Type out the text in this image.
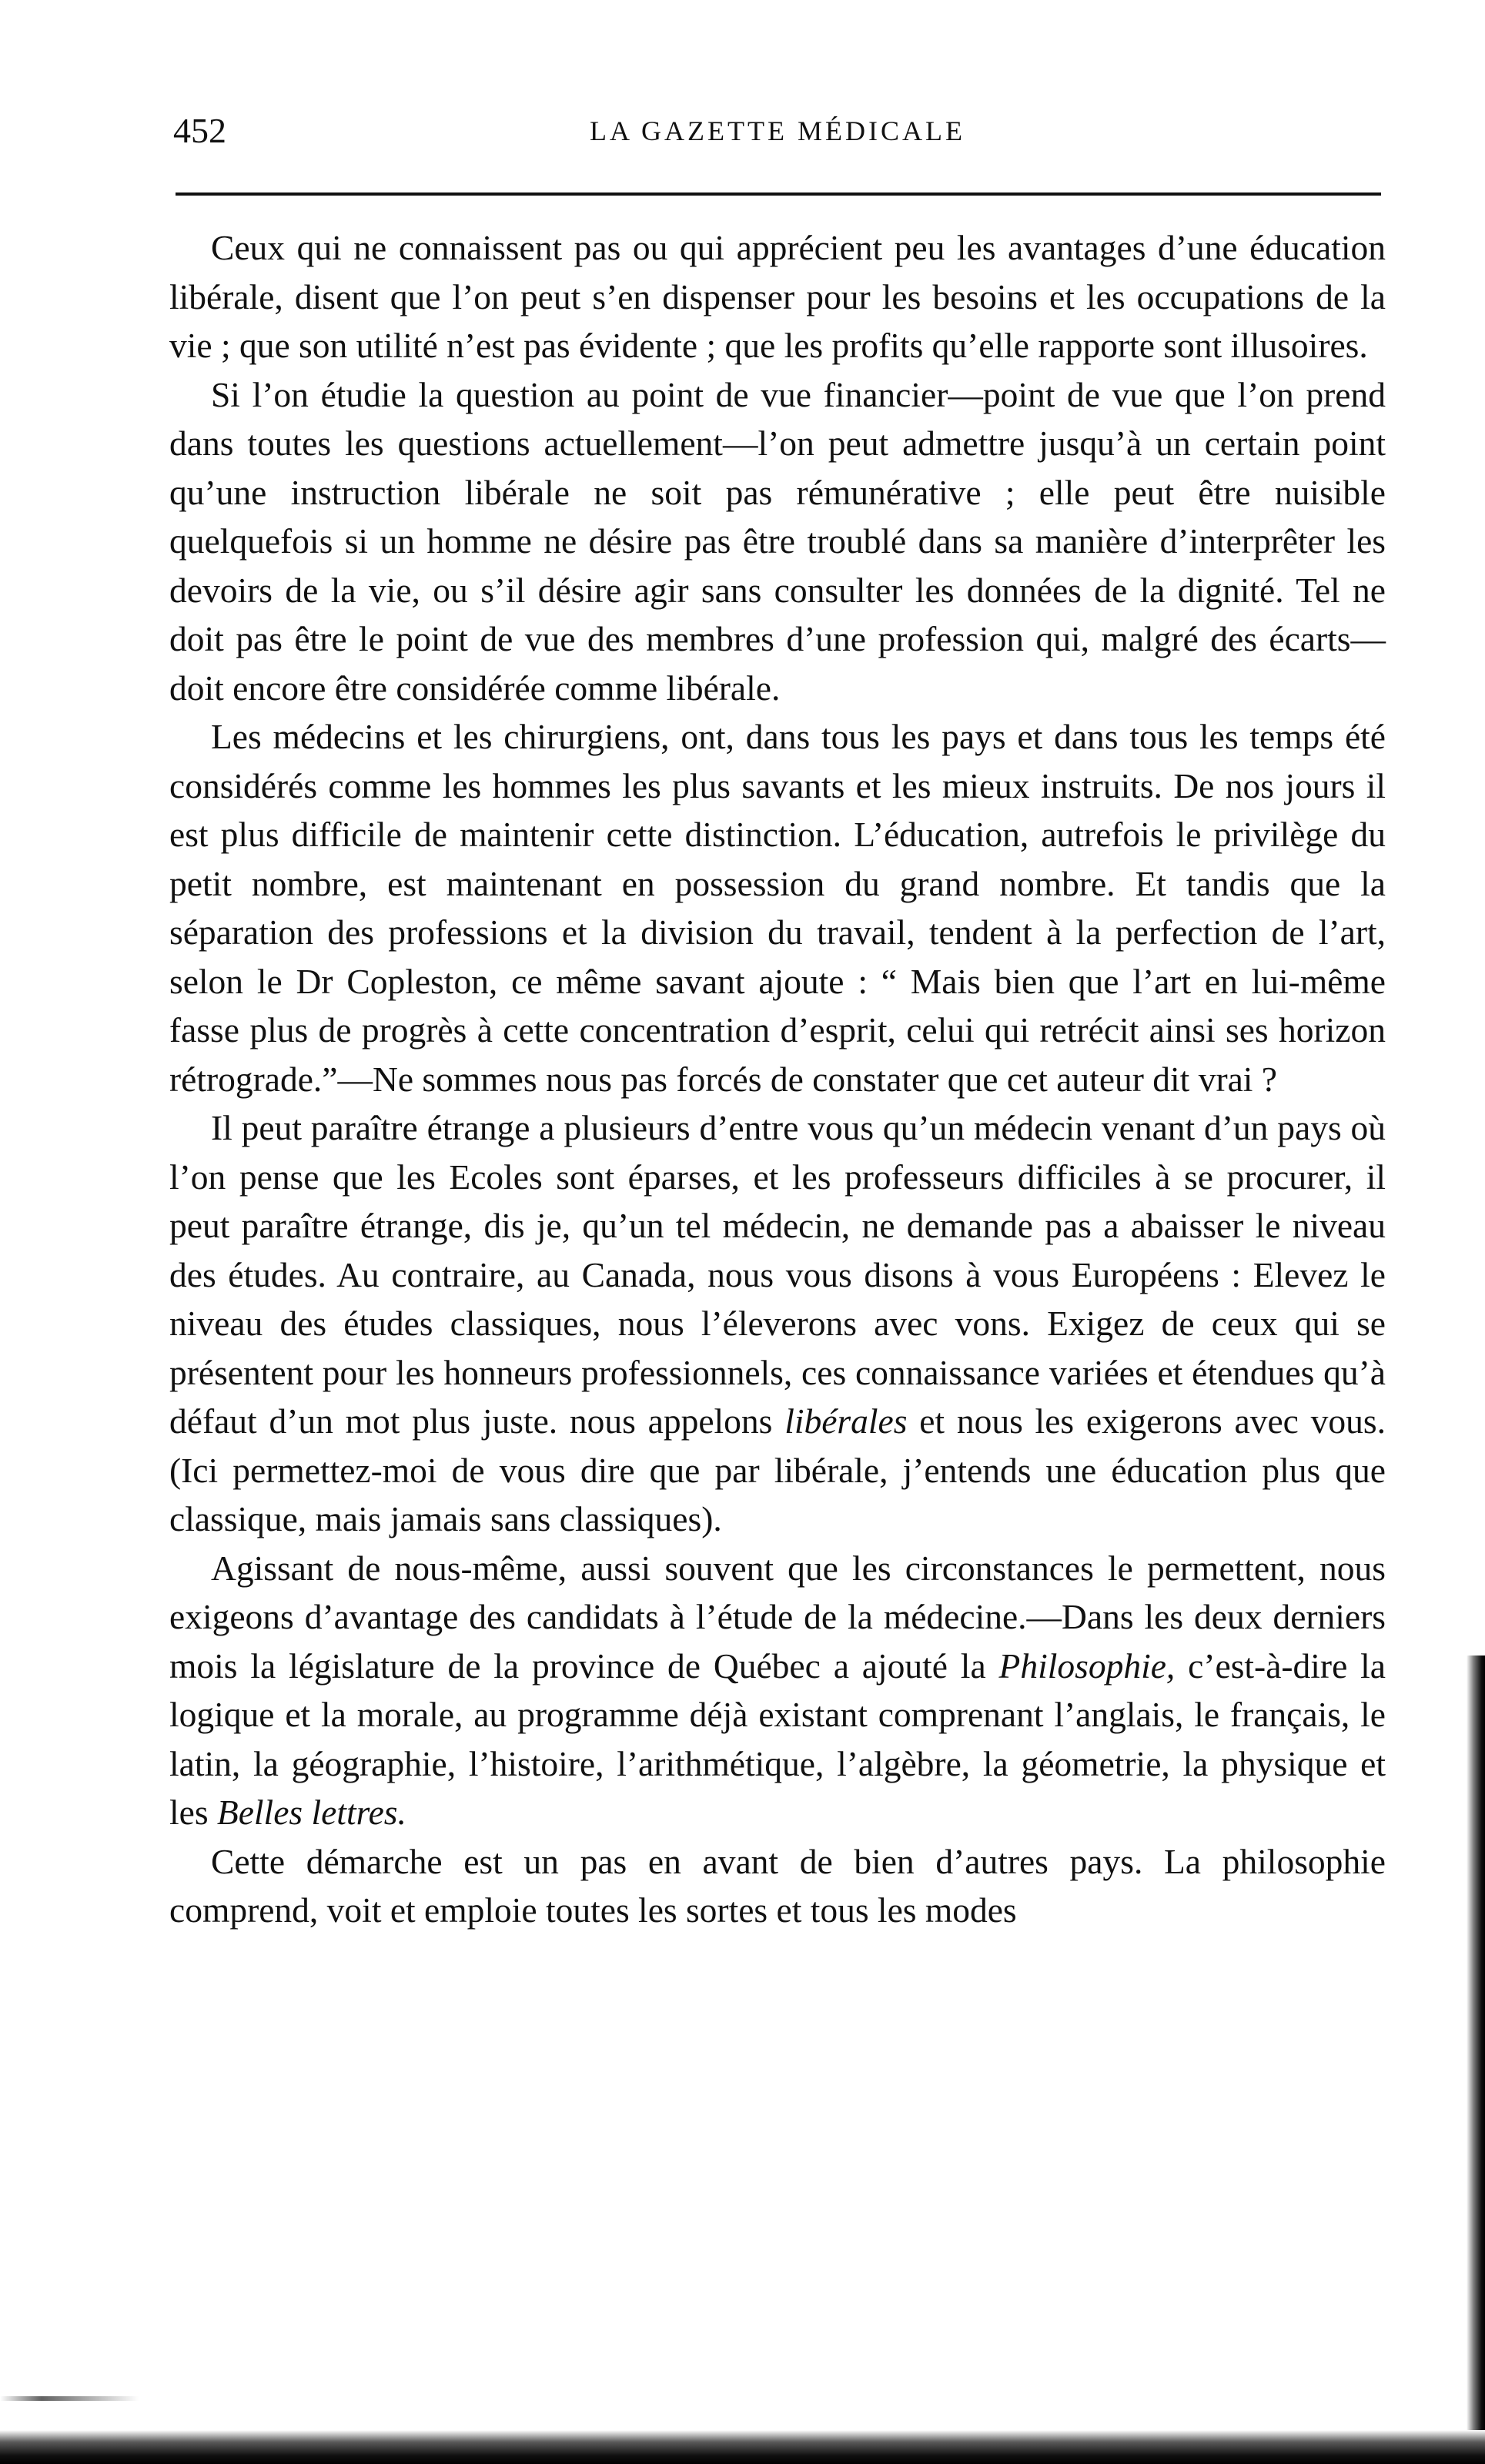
452	LA GAZETTE MÉDICALE

Ceux qui ne connaissent pas ou qui apprécient peu les avantages d’une éducation libérale, disent que l’on peut s’en dispenser pour les besoins et les occupations de la vie ; que son utilité n’est pas évidente ; que les profits qu’elle rapporte sont illusoires.

Si l’on étudie la question au point de vue financier—point de vue que l’on prend dans toutes les questions actuellement—l’on peut admettre jusqu’à un certain point qu’une instruction libérale ne soit pas rémunérative ; elle peut être nuisible quelquefois si un homme ne désire pas être troublé dans sa manière d’interprêter les devoirs de la vie, ou s’il désire agir sans consulter les données de la dignité. Tel ne doit pas être le point de vue des membres d’une profession qui, malgré des écarts—doit encore être considérée comme libérale.

Les médecins et les chirurgiens, ont, dans tous les pays et dans tous les temps été considérés comme les hommes les plus savants et les mieux instruits. De nos jours il est plus difficile de maintenir cette distinction. L’éducation, autrefois le privilège du petit nombre, est maintenant en possession du grand nombre. Et tandis que la séparation des professions et la division du travail, tendent à la perfection de l’art, selon le Dr Copleston, ce même savant ajoute : “ Mais bien que l’art en lui-même fasse plus de progrès à cette concentration d’esprit, celui qui retrécit ainsi ses horizon rétrograde.”—Ne sommes nous pas forcés de constater que cet auteur dit vrai ?

Il peut paraître étrange a plusieurs d’entre vous qu’un médecin venant d’un pays où l’on pense que les Ecoles sont éparses, et les professeurs difficiles à se procurer, il peut paraître étrange, dis je, qu’un tel médecin, ne demande pas a abaisser le niveau des études. Au contraire, au Canada, nous vous disons à vous Européens : Elevez le niveau des études classiques, nous l’éleverons avec vons. Exigez de ceux qui se présentent pour les honneurs professionnels, ces connaissance variées et étendues qu’à défaut d’un mot plus juste. nous appelons libérales et nous les exigerons avec vous. (Ici permettez-moi de vous dire que par libérale, j’entends une éducation plus que classique, mais jamais sans classiques).

Agissant de nous-même, aussi souvent que les circonstances le permettent, nous exigeons d’avantage des candidats à l’étude de la médecine.—Dans les deux derniers mois la législature de la province de Québec a ajouté la Philosophie, c’est-à-dire la logique et la morale, au programme déjà existant comprenant l’anglais, le français, le latin, la géographie, l’histoire, l’arithmétique, l’algèbre, la géometrie, la physique et les Belles lettres.

Cette démarche est un pas en avant de bien d’autres pays. La philosophie comprend, voit et emploie toutes les sortes et tous les modes
